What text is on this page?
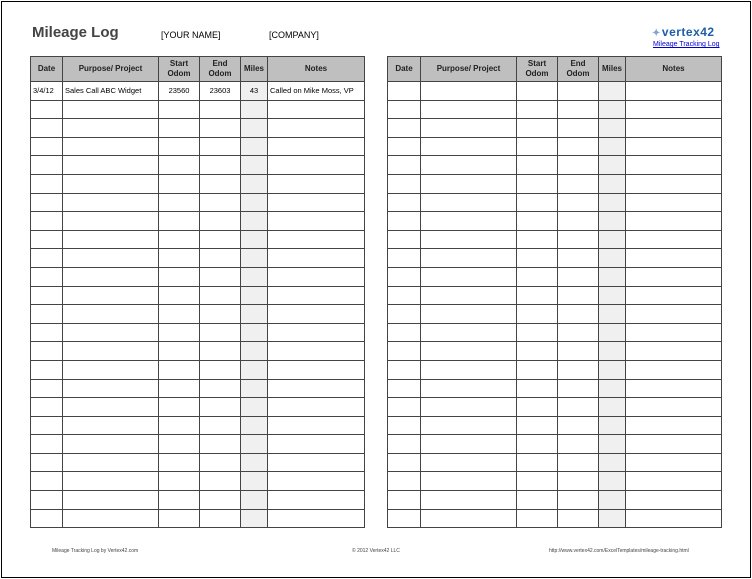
Mileage Log	[YOUR NAME]	[COMPANY]	✦vertex42
Mileage Tracking Log
Date	Purpose/ Project	Start Odom	End Odom	Miles	Notes
3/4/12	Sales Call ABC Widget	23560	23603	43	Called on Mike Moss, VP

Date	Purpose/ Project	Start Odom	End Odom	Miles	Notes

Mileage Tracking Log by Vertex42.com	© 2012 Vertex42 LLC	http://www.vertex42.com/ExcelTemplates/mileage-tracking.html
